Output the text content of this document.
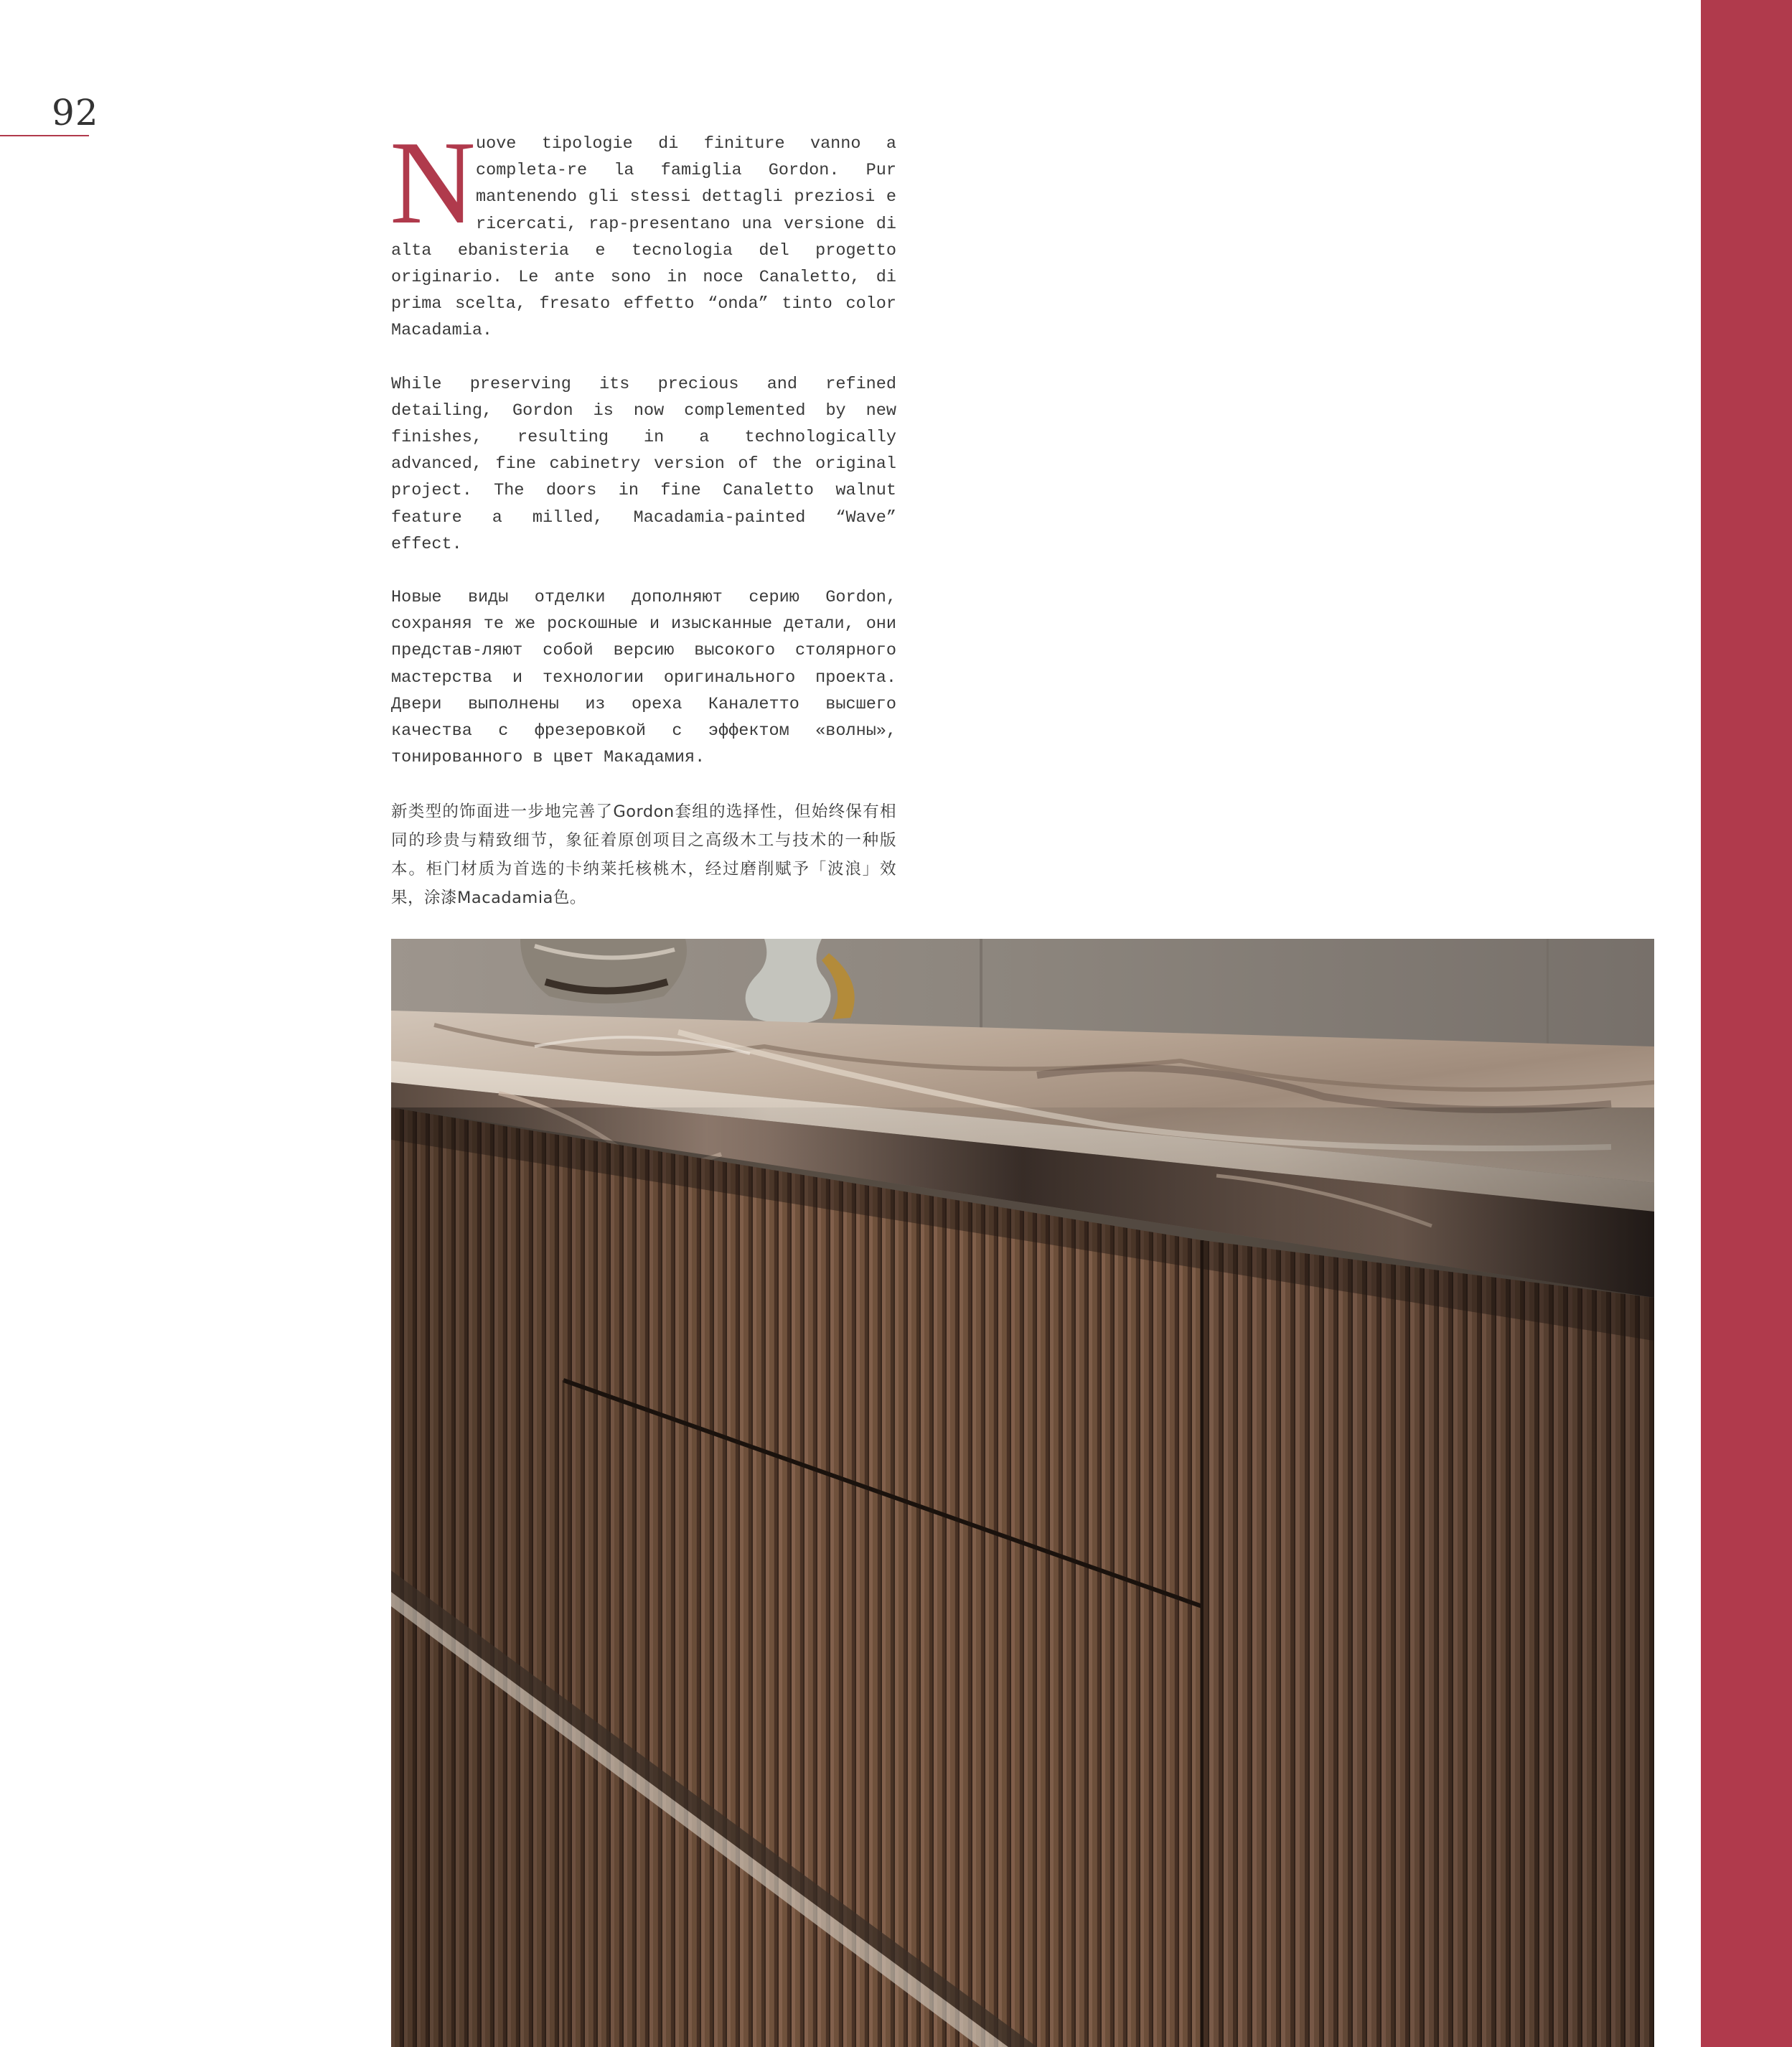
92

Nuove tipologie di finiture vanno a completa-re la famiglia Gordon. Pur mantenendo gli stessi dettagli preziosi e ricercati, rap-presentano una versione di alta ebanisteria e tecnologia del progetto originario. Le ante sono in noce Canaletto, di prima scelta, fresato effetto “onda” tinto color Macadamia.

While preserving its precious and refined detailing, Gordon is now complemented by new finishes, resulting in a technologically advanced, fine cabinetry version of the original project. The doors in fine Canaletto walnut feature a milled, Macadamia-painted “Wave” effect.

Новые виды отделки дополняют серию Gordon, сохраняя те же роскошные и изысканные детали, они представ-ляют собой версию высокого столярного мастерства и технологии оригинального проекта. Двери выполнены из ореха Каналетто высшего качества с фрезеровкой с эффектом «волны», тонированного в цвет Макадамия.

新类型的饰面进一步地完善了Gordon套组的选择性，但始终保有相同的珍贵与精致细节，象征着原创项目之高级木工与技术的一种版本。柜门材质为首选的卡纳莱托核桃木，经过磨削赋予「波浪」效果，涂漆Macadamia色。
